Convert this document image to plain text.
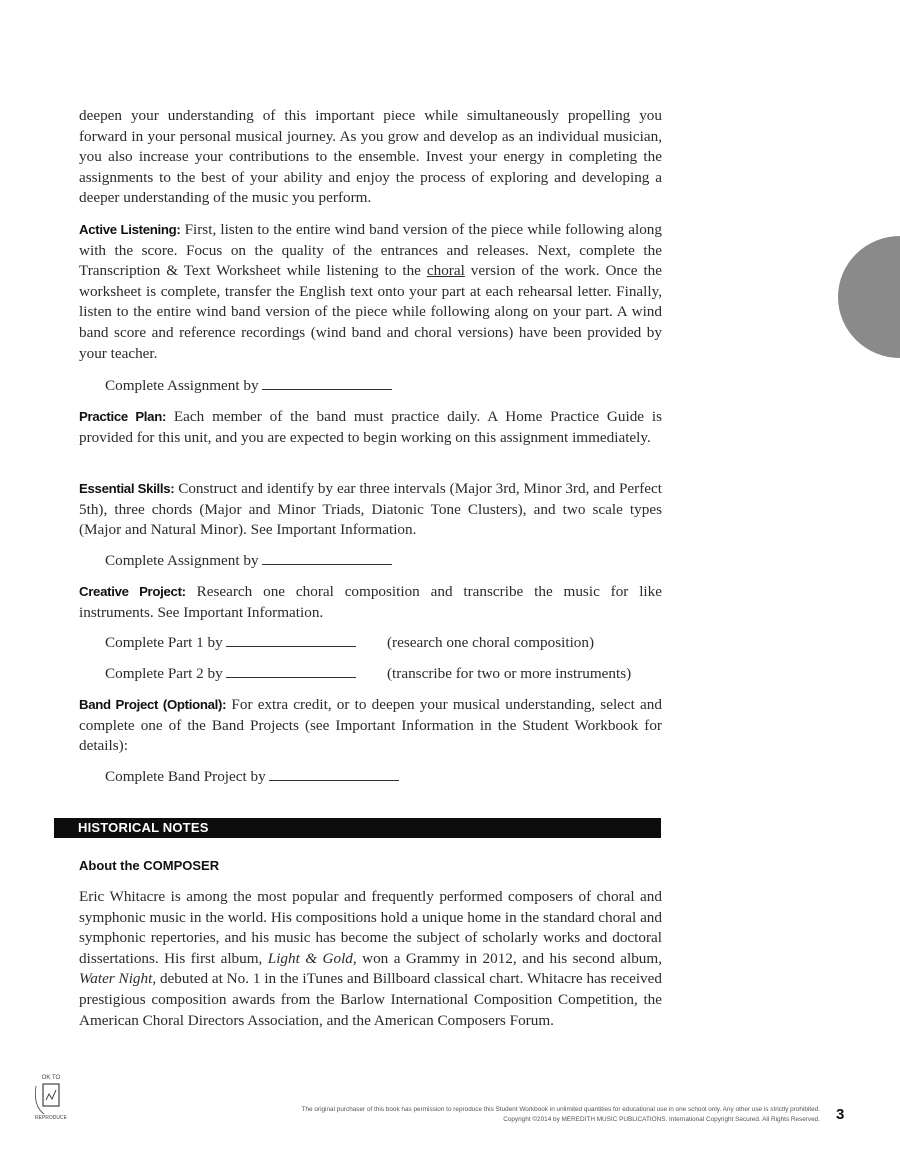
deepen your understanding of this important piece while simultaneously propelling you forward in your personal musical journey. As you grow and develop as an individual musician, you also increase your contributions to the ensemble. Invest your energy in completing the assignments to the best of your ability and enjoy the process of exploring and developing a deeper understanding of the music you perform.

Active Listening: First, listen to the entire wind band version of the piece while following along with the score. Focus on the quality of the entrances and releases. Next, complete the Transcription & Text Worksheet while listening to the choral version of the work. Once the worksheet is complete, transfer the English text onto your part at each rehearsal letter. Finally, listen to the entire wind band version of the piece while following along on your part. A wind band score and reference recordings (wind band and choral versions) have been provided by your teacher.

Complete Assignment by

Practice Plan: Each member of the band must practice daily. A Home Practice Guide is provided for this unit, and you are expected to begin working on this assignment immediately.

Essential Skills: Construct and identify by ear three intervals (Major 3rd, Minor 3rd, and Perfect 5th), three chords (Major and Minor Triads, Diatonic Tone Clusters), and two scale types (Major and Natural Minor). See Important Information.

Complete Assignment by

Creative Project: Research one choral composition and transcribe the music for like instruments. See Important Information.

Complete Part 1 by	(research one choral composition)
Complete Part 2 by	(transcribe for two or more instruments)

Band Project (Optional): For extra credit, or to deepen your musical understanding, select and complete one of the Band Projects (see Important Information in the Student Workbook for details):

Complete Band Project by
HISTORICAL NOTES
About the COMPOSER

Eric Whitacre is among the most popular and frequently performed composers of choral and symphonic music in the world. His compositions hold a unique home in the standard choral and symphonic repertories, and his music has become the subject of scholarly works and doctoral dissertations. His first album, Light & Gold, won a Grammy in 2012, and his second album, Water Night, debuted at No. 1 in the iTunes and Billboard classical chart. Whitacre has received prestigious composition awards from the Barlow International Composition Competition, the American Choral Directors Association, and the American Composers Forum.

OK TO
REPRODUCE
The original purchaser of this book has permission to reproduce this Student Workbook in unlimited quantities for educational use in one school only. Any other use is strictly prohibited.
Copyright ©2014 by MEREDITH MUSIC PUBLICATIONS. International Copyright Secured. All Rights Reserved. 3
